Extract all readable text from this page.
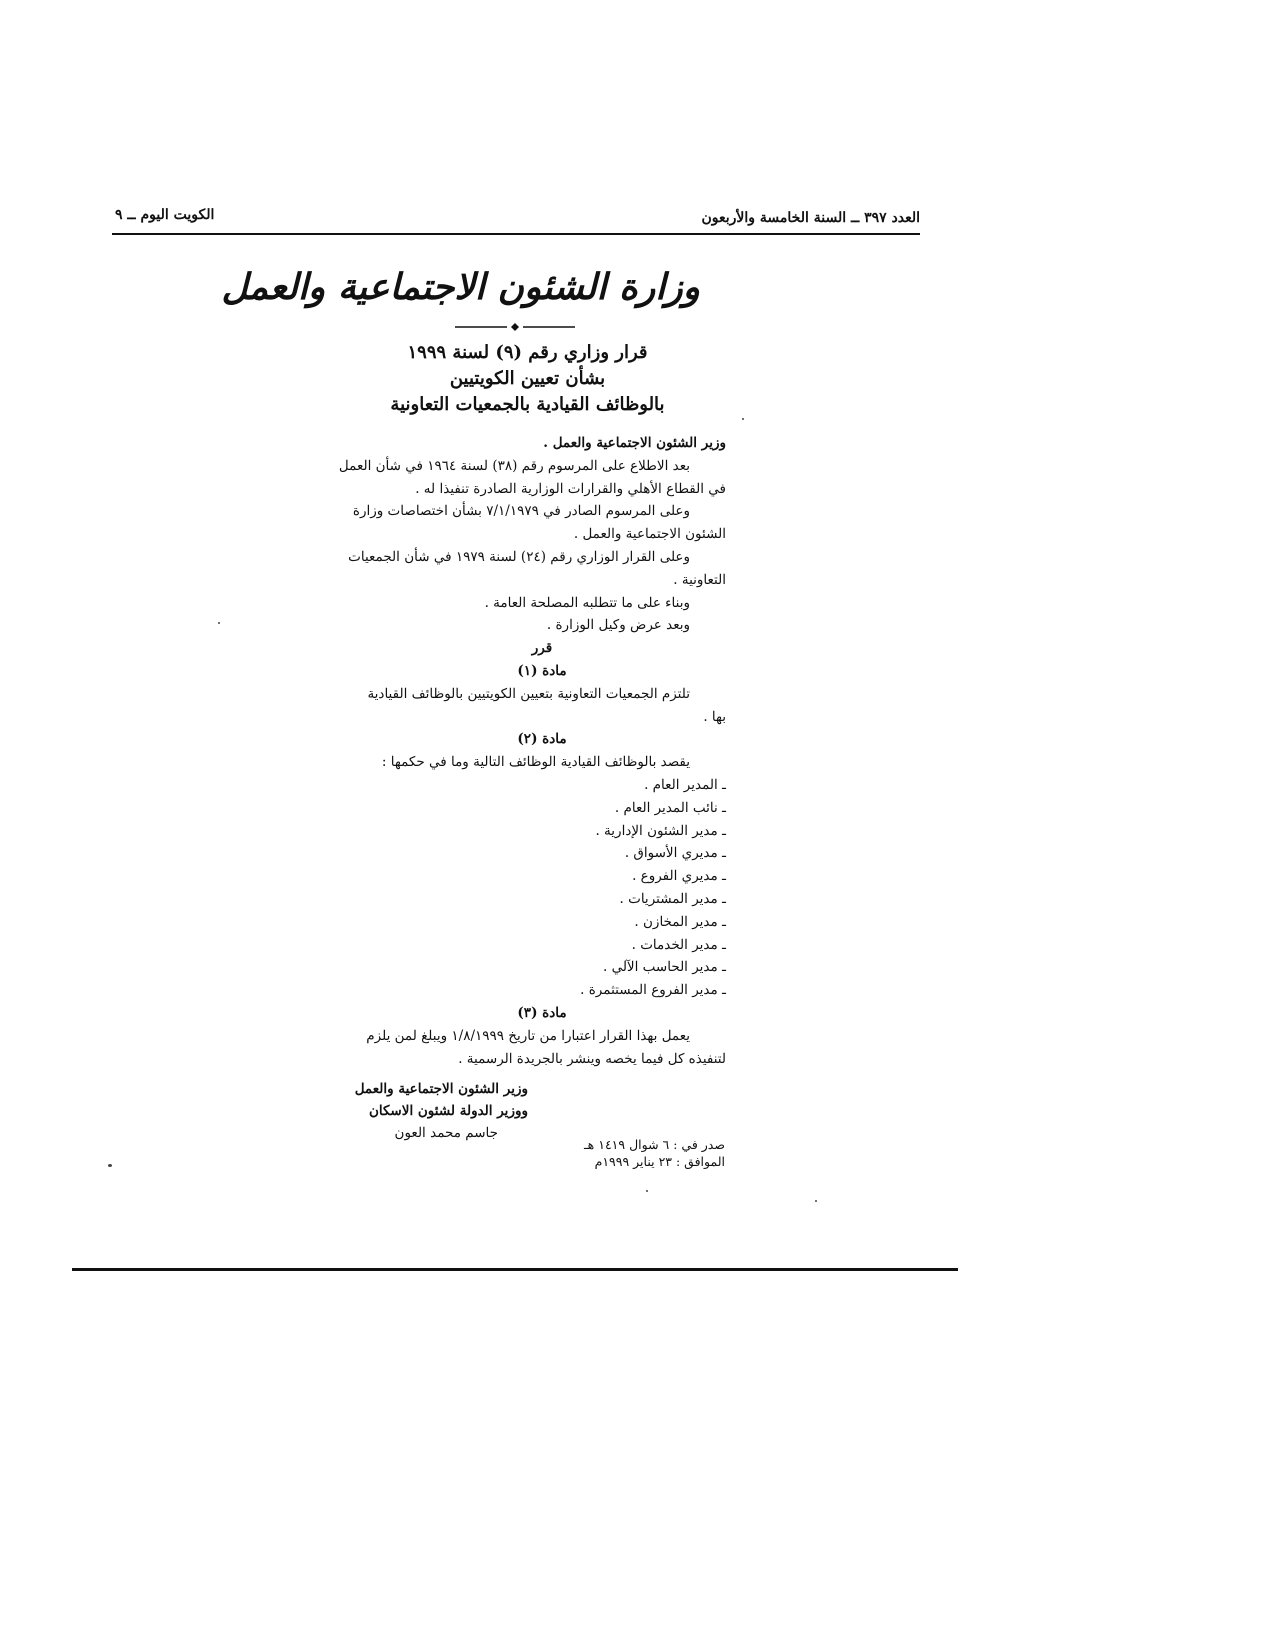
العدد ٣٩٧ ــ السنة الخامسة والأربعون
الكويت اليوم ــ ٩
وزارة الشئون الاجتماعية والعمل
قرار وزاري رقم (٩) لسنة ١٩٩٩
بشأن تعيين الكويتيين
بالوظائف القيادية بالجمعيات التعاونية
وزير الشئون الاجتماعية والعمل .
بعد الاطلاع على المرسوم رقم (٣٨) لسنة ١٩٦٤ في شأن العمل
في القطاع الأهلي والقرارات الوزارية الصادرة تنفيذا له .
وعلى المرسوم الصادر في ٧/١/١٩٧٩ بشأن اختصاصات وزارة
الشئون الاجتماعية والعمل .
وعلى القرار الوزاري رقم (٢٤) لسنة ١٩٧٩ في شأن الجمعيات
التعاونية .
وبناء على ما تتطلبه المصلحة العامة .
وبعد عرض وكيل الوزارة .
قرر
مادة (١)
تلتزم الجمعيات التعاونية بتعيين الكويتيين بالوظائف القيادية
بها .
مادة (٢)
يقصد بالوظائف القيادية الوظائف التالية وما في حكمها :
ـ المدير العام .
ـ نائب المدير العام .
ـ مدير الشئون الإدارية .
ـ مديري الأسواق .
ـ مديري الفروع .
ـ مدير المشتريات .
ـ مدير المخازن .
ـ مدير الخدمات .
ـ مدير الحاسب الآلي .
ـ مدير الفروع المستثمرة .
مادة (٣)
يعمل بهذا القرار اعتبارا من تاريخ ١/٨/١٩٩٩ ويبلغ لمن يلزم
لتنفيذه كل فيما يخصه وينشر بالجريدة الرسمية .
وزير الشئون الاجتماعية والعمل
ووزير الدولة لشئون الاسكان
جاسم محمد العون
صدر في : ٦ شوال ١٤١٩ هـ
الموافق : ٢٣ يناير ١٩٩٩م
